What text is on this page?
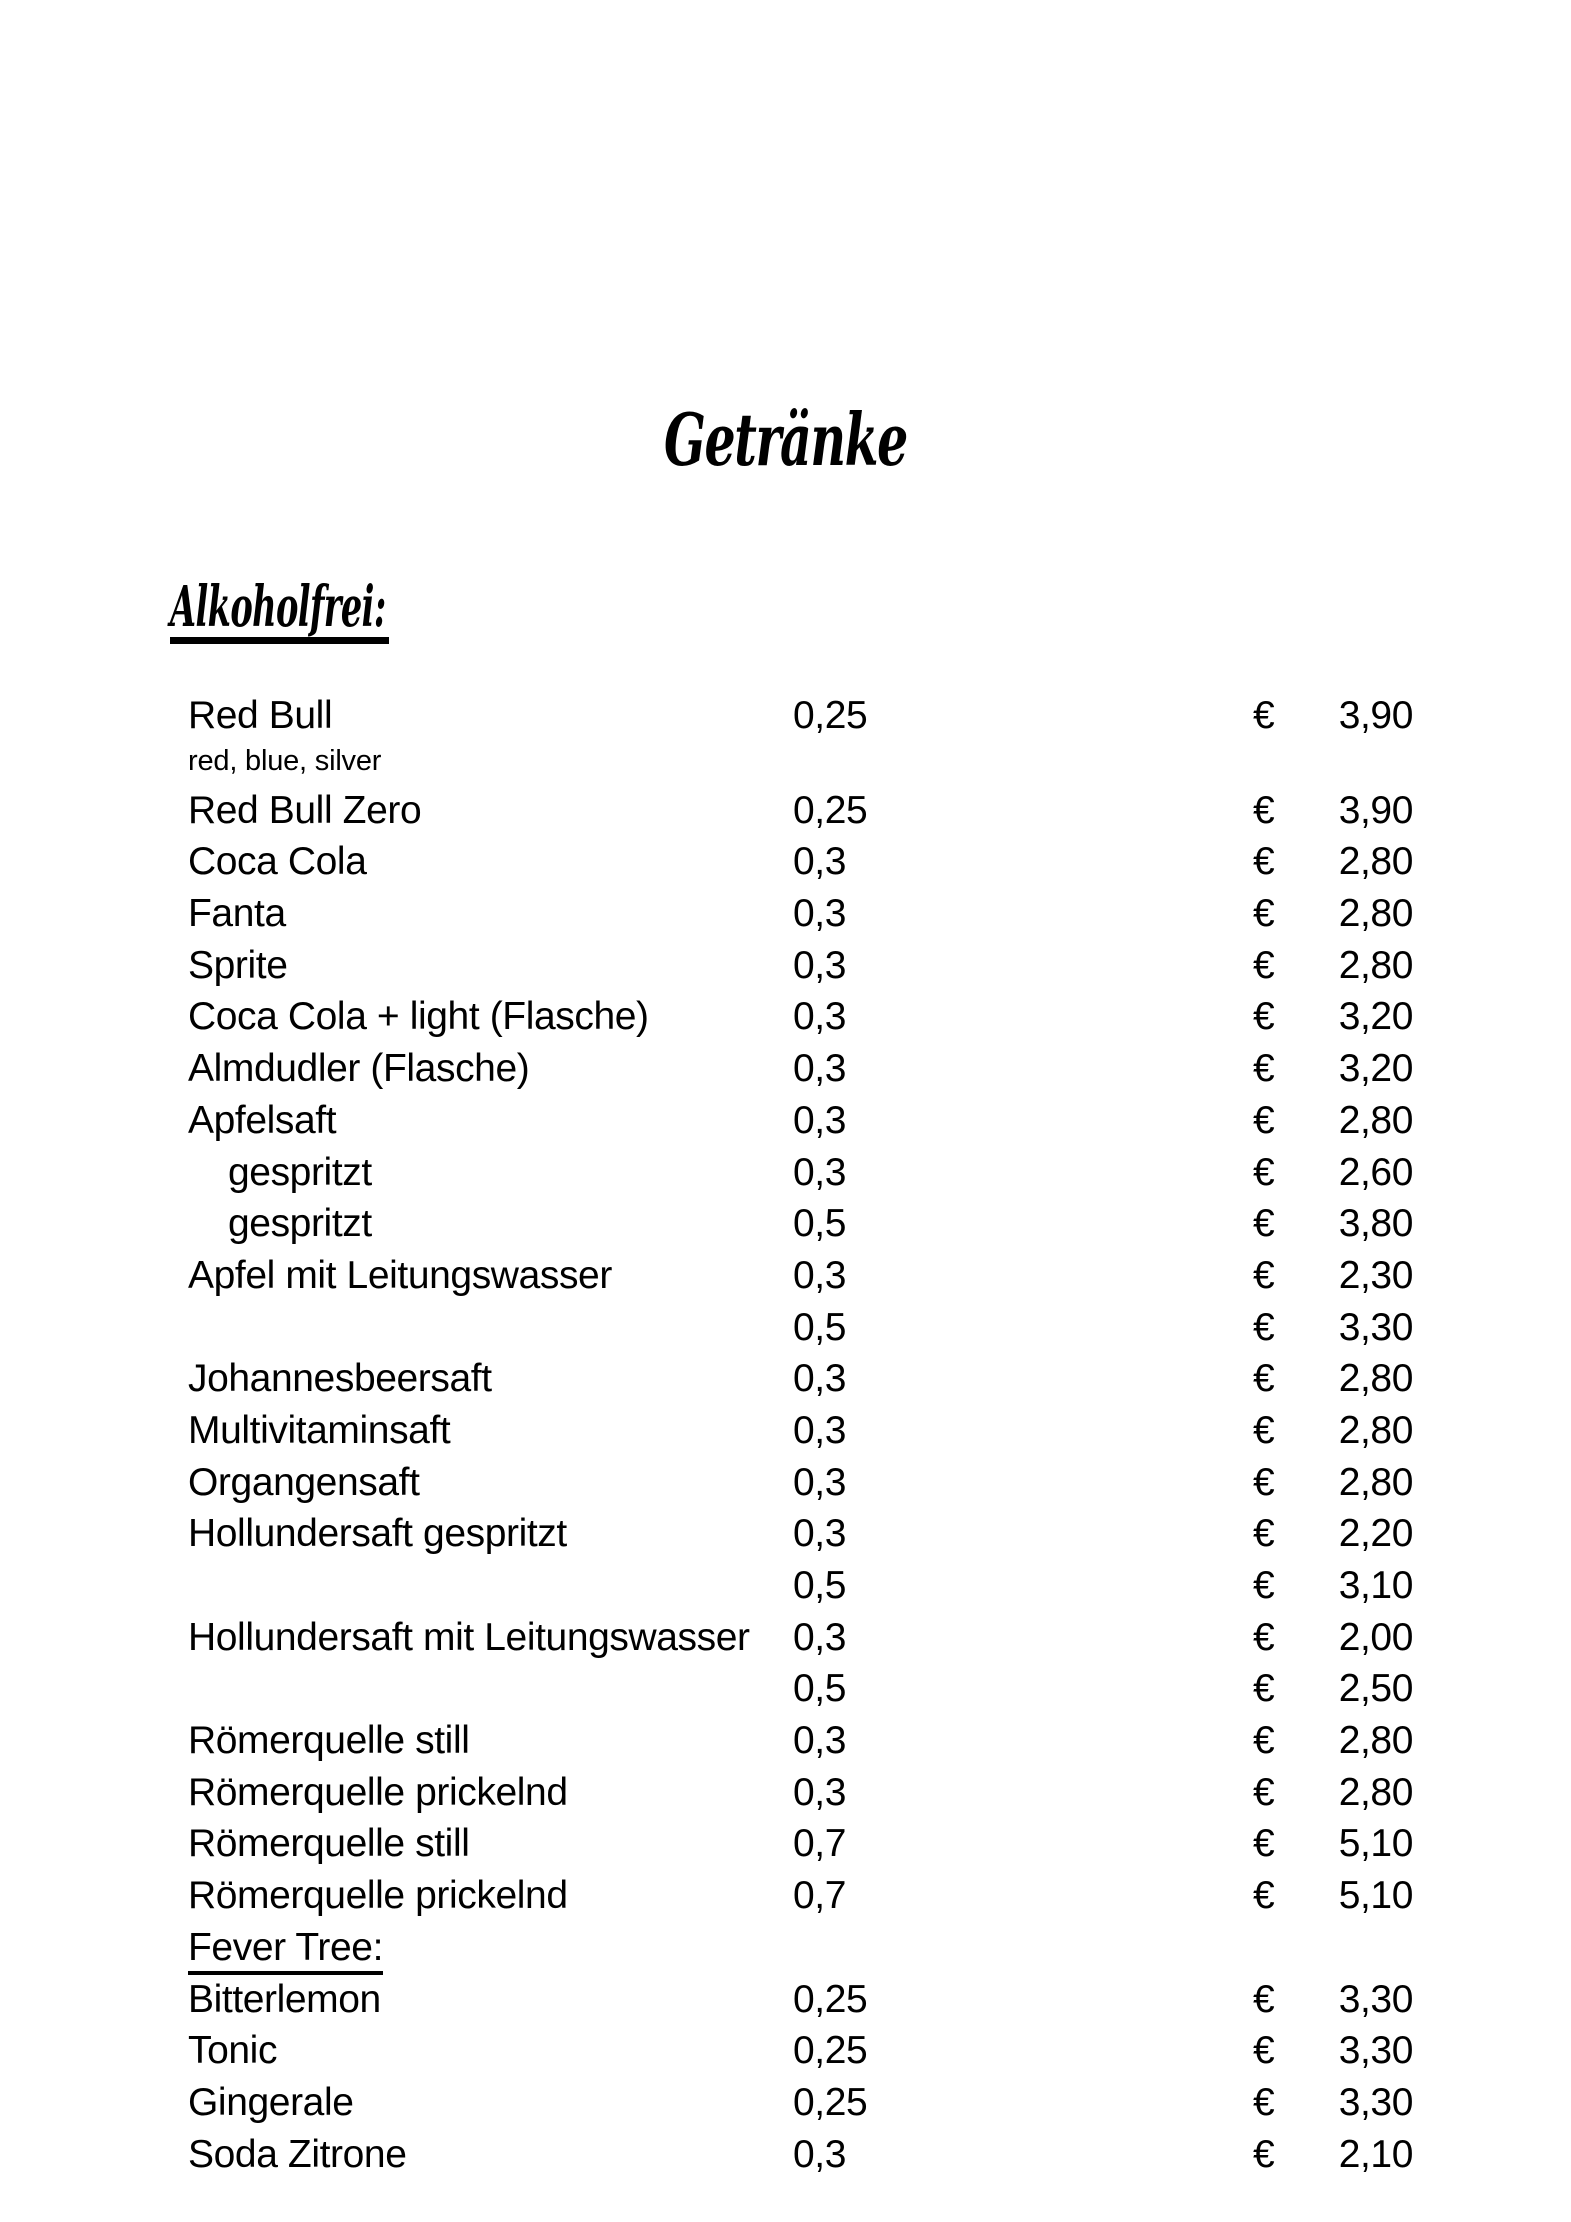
Getränke
Alkoholfrei:
Red Bull	0,25	€	3,90
red, blue, silver
Red Bull Zero	0,25	€	3,90
Coca Cola	0,3	€	2,80
Fanta	0,3	€	2,80
Sprite	0,3	€	2,80
Coca Cola + light (Flasche)	0,3	€	3,20
Almdudler (Flasche)	0,3	€	3,20
Apfelsaft	0,3	€	2,80
gespritzt	0,3	€	2,60
gespritzt	0,5	€	3,80
Apfel mit Leitungswasser	0,3	€	2,30
0,5	€	3,30
Johannesbeersaft	0,3	€	2,80
Multivitaminsaft	0,3	€	2,80
Organgensaft	0,3	€	2,80
Hollundersaft gespritzt	0,3	€	2,20
0,5	€	3,10
Hollundersaft mit Leitungswasser	0,3	€	2,00
0,5	€	2,50
Römerquelle still	0,3	€	2,80
Römerquelle prickelnd	0,3	€	2,80
Römerquelle still	0,7	€	5,10
Römerquelle prickelnd	0,7	€	5,10
Fever Tree:
Bitterlemon	0,25	€	3,30
Tonic	0,25	€	3,30
Gingerale	0,25	€	3,30
Soda Zitrone	0,3	€	2,10
